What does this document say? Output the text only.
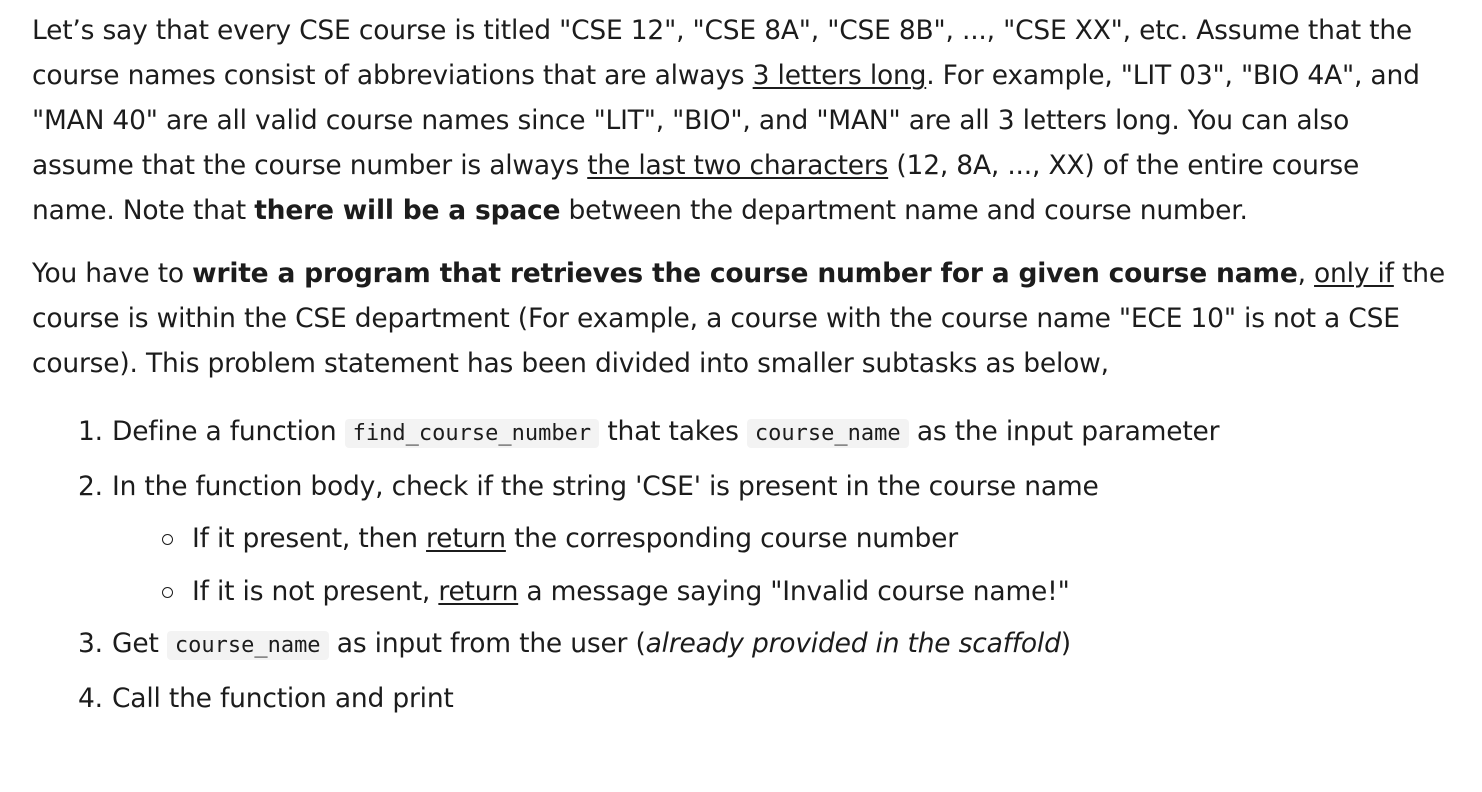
Let’s say that every CSE course is titled "CSE 12", "CSE 8A", "CSE 8B", ..., "CSE XX", etc. Assume that the course names consist of abbreviations that are always 3 letters long. For example, "LIT 03", "BIO 4A", and "MAN 40" are all valid course names since "LIT", "BIO", and "MAN" are all 3 letters long. You can also assume that the course number is always the last two characters (12, 8A, ..., XX) of the entire course name. Note that there will be a space between the department name and course number.

You have to write a program that retrieves the course number for a given course name, only if the course is within the CSE department (For example, a course with the course name "ECE 10" is not a CSE course). This problem statement has been divided into smaller subtasks as below,

1. Define a function find_course_number that takes course_name as the input parameter
2. In the function body, check if the string 'CSE' is present in the course name
If it present, then return the corresponding course number
If it is not present, return a message saying "Invalid course name!"
3. Get course_name as input from the user (already provided in the scaffold)
4. Call the function and print
